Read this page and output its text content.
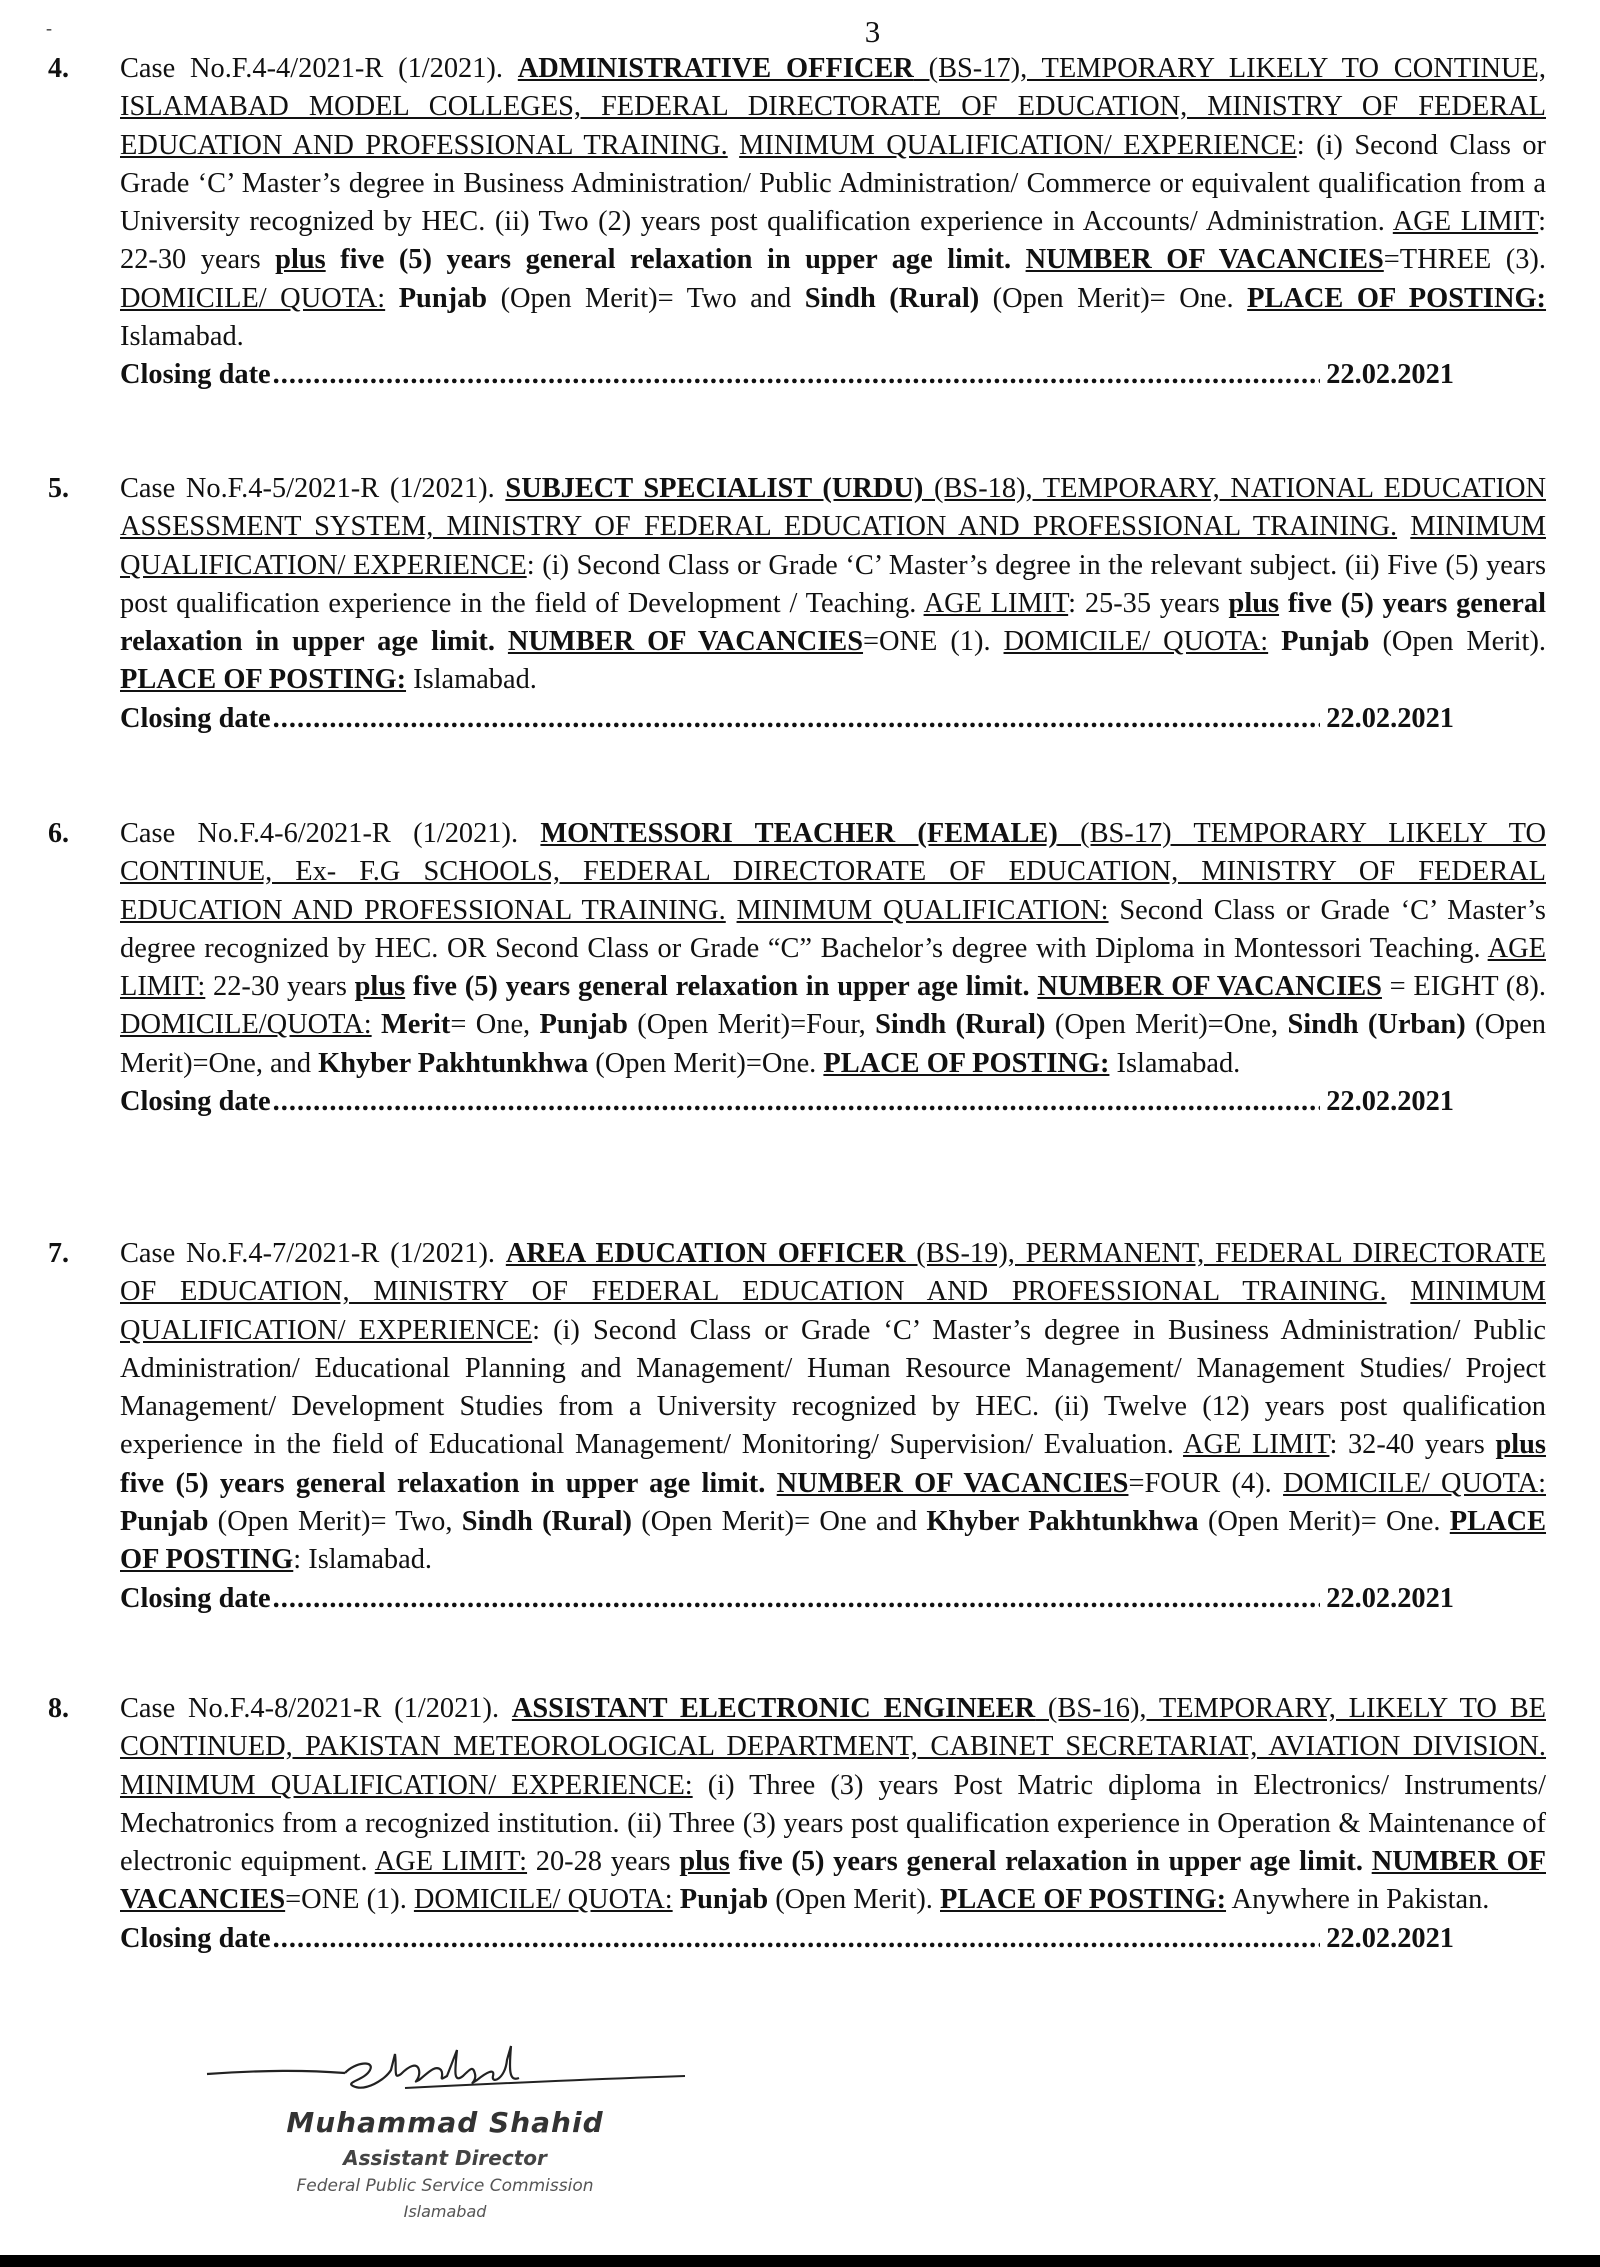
-	3
4. Case No.F.4-4/2021-R (1/2021). ADMINISTRATIVE OFFICER (BS-17), TEMPORARY LIKELY TO CONTINUE, ISLAMABAD MODEL COLLEGES, FEDERAL DIRECTORATE OF EDUCATION, MINISTRY OF FEDERAL EDUCATION AND PROFESSIONAL TRAINING. MINIMUM QUALIFICATION/ EXPERIENCE: (i) Second Class or Grade ‘C’ Master’s degree in Business Administration/ Public Administration/ Commerce or equivalent qualification from a University recognized by HEC. (ii) Two (2) years post qualification experience in Accounts/ Administration. AGE LIMIT: 22-30 years plus five (5) years general relaxation in upper age limit. NUMBER OF VACANCIES=THREE (3). DOMICILE/ QUOTA: Punjab (Open Merit)= Two and Sindh (Rural) (Open Merit)= One. PLACE OF POSTING: Islamabad.

Closing date .....	22.02.2021
5. Case No.F.4-5/2021-R (1/2021). SUBJECT SPECIALIST (URDU) (BS-18), TEMPORARY, NATIONAL EDUCATION ASSESSMENT SYSTEM, MINISTRY OF FEDERAL EDUCATION AND PROFESSIONAL TRAINING. MINIMUM QUALIFICATION/ EXPERIENCE: (i) Second Class or Grade ‘C’ Master’s degree in the relevant subject. (ii) Five (5) years post qualification experience in the field of Development / Teaching. AGE LIMIT: 25-35 years plus five (5) years general relaxation in upper age limit. NUMBER OF VACANCIES=ONE (1). DOMICILE/ QUOTA: Punjab (Open Merit). PLACE OF POSTING: Islamabad.

Closing date .....	22.02.2021
6. Case No.F.4-6/2021-R (1/2021). MONTESSORI TEACHER (FEMALE) (BS-17) TEMPORARY LIKELY TO CONTINUE, Ex- F.G SCHOOLS, FEDERAL DIRECTORATE OF EDUCATION, MINISTRY OF FEDERAL EDUCATION AND PROFESSIONAL TRAINING. MINIMUM QUALIFICATION: Second Class or Grade ‘C’ Master’s degree recognized by HEC. OR Second Class or Grade “C” Bachelor’s degree with Diploma in Montessori Teaching. AGE LIMIT: 22-30 years plus five (5) years general relaxation in upper age limit. NUMBER OF VACANCIES = EIGHT (8). DOMICILE/QUOTA: Merit= One, Punjab (Open Merit)=Four, Sindh (Rural) (Open Merit)=One, Sindh (Urban) (Open Merit)=One, and Khyber Pakhtunkhwa (Open Merit)=One. PLACE OF POSTING: Islamabad.

Closing date .....	22.02.2021
7. Case No.F.4-7/2021-R (1/2021). AREA EDUCATION OFFICER (BS-19), PERMANENT, FEDERAL DIRECTORATE OF EDUCATION, MINISTRY OF FEDERAL EDUCATION AND PROFESSIONAL TRAINING. MINIMUM QUALIFICATION/ EXPERIENCE: (i) Second Class or Grade ‘C’ Master’s degree in Business Administration/ Public Administration/ Educational Planning and Management/ Human Resource Management/ Management Studies/ Project Management/ Development Studies from a University recognized by HEC. (ii) Twelve (12) years post qualification experience in the field of Educational Management/ Monitoring/ Supervision/ Evaluation. AGE LIMIT: 32-40 years plus five (5) years general relaxation in upper age limit. NUMBER OF VACANCIES=FOUR (4). DOMICILE/ QUOTA: Punjab (Open Merit)= Two, Sindh (Rural) (Open Merit)= One and Khyber Pakhtunkhwa (Open Merit)= One. PLACE OF POSTING: Islamabad.

Closing date .....	22.02.2021
8. Case No.F.4-8/2021-R (1/2021). ASSISTANT ELECTRONIC ENGINEER (BS-16), TEMPORARY, LIKELY TO BE CONTINUED, PAKISTAN METEOROLOGICAL DEPARTMENT, CABINET SECRETARIAT, AVIATION DIVISION. MINIMUM QUALIFICATION/ EXPERIENCE: (i) Three (3) years Post Matric diploma in Electronics/ Instruments/ Mechatronics from a recognized institution. (ii) Three (3) years post qualification experience in Operation & Maintenance of electronic equipment. AGE LIMIT: 20-28 years plus five (5) years general relaxation in upper age limit. NUMBER OF VACANCIES=ONE (1). DOMICILE/ QUOTA: Punjab (Open Merit). PLACE OF POSTING: Anywhere in Pakistan.

Closing date .....	22.02.2021
Muhammad Shahid
Assistant Director
Federal Public Service Commission
Islamabad
